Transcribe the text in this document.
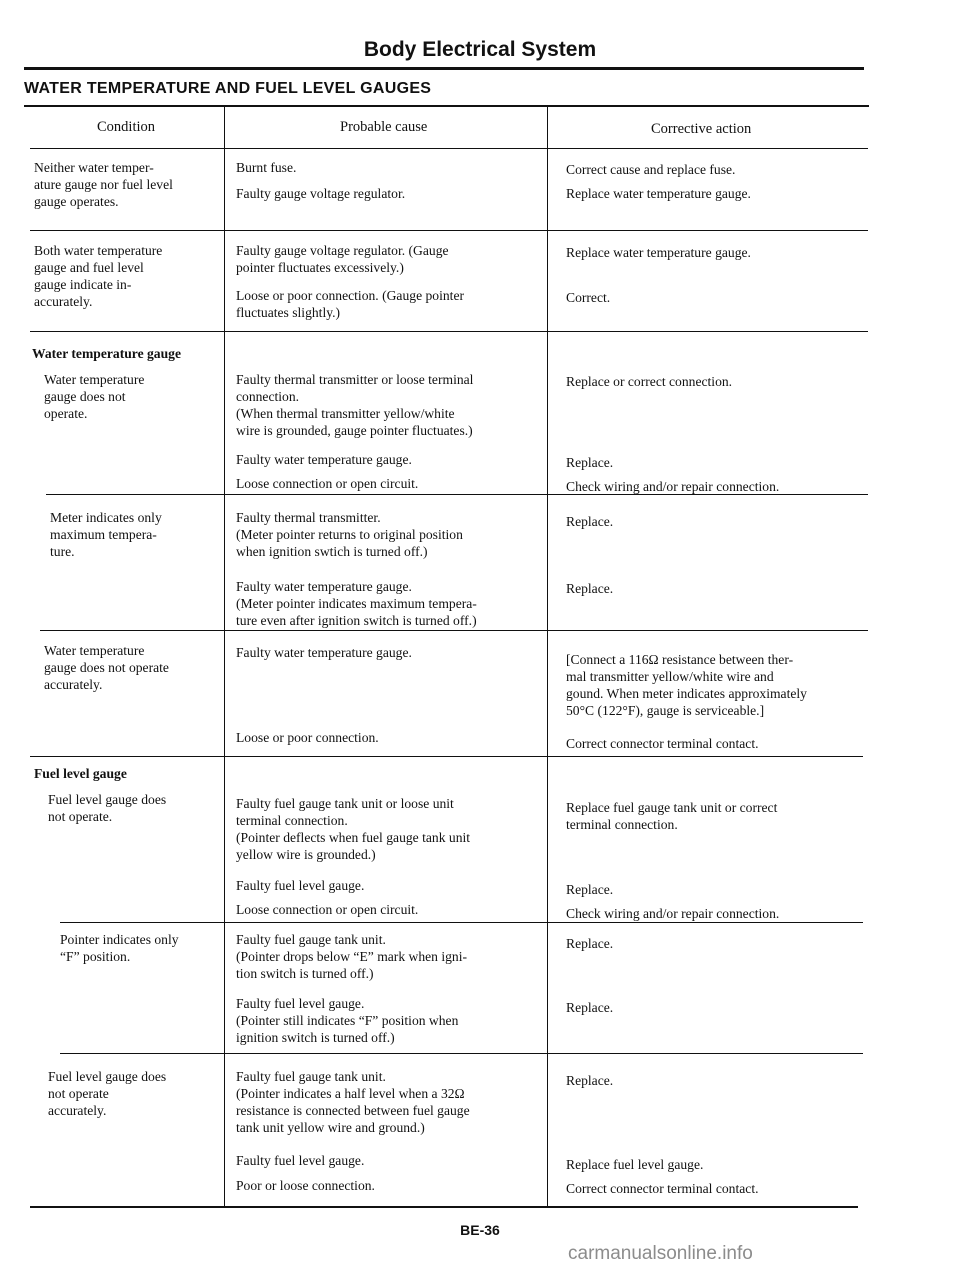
Body Electrical System
WATER TEMPERATURE AND FUEL LEVEL GAUGES
Condition	Probable cause	Corrective action

Neither water temper-
ature gauge nor fuel level
gauge operates.

Burnt fuse.

Faulty gauge voltage regulator.

Correct cause and replace fuse.

Replace water temperature gauge.

Both water temperature
gauge and fuel level
gauge indicate in-
accurately.

Faulty gauge voltage regulator. (Gauge
pointer fluctuates excessively.)

Loose or poor connection. (Gauge pointer
fluctuates slightly.)

Replace water temperature gauge.

Correct.

Water temperature gauge

Water temperature
gauge does not
operate.

Faulty thermal transmitter or loose terminal
connection.
(When thermal transmitter yellow/white
wire is grounded, gauge pointer fluctuates.)

Faulty water temperature gauge.

Loose connection or open circuit.

Replace or correct connection.

Replace.

Check wiring and/or repair connection.

Meter indicates only
maximum tempera-
ture.

Faulty thermal transmitter.
(Meter pointer returns to original position
when ignition swtich is turned off.)

Faulty water temperature gauge.
(Meter pointer indicates maximum tempera-
ture even after ignition switch is turned off.)

Replace.

Replace.

Water temperature
gauge does not operate
accurately.

Faulty water temperature gauge.

Loose or poor connection.

[Connect a 116Ω resistance between ther-
mal transmitter yellow/white wire and
gound. When meter indicates approximately
50°C (122°F), gauge is serviceable.]

Correct connector terminal contact.

Fuel level gauge

Fuel level gauge does
not operate.

Faulty fuel gauge tank unit or loose unit
terminal connection.
(Pointer deflects when fuel gauge tank unit
yellow wire is grounded.)

Faulty fuel level gauge.

Loose connection or open circuit.

Replace fuel gauge tank unit or correct
terminal connection.

Replace.

Check wiring and/or repair connection.

Pointer indicates only
“F” position.

Faulty fuel gauge tank unit.
(Pointer drops below “E” mark when igni-
tion switch is turned off.)

Faulty fuel level gauge.
(Pointer still indicates “F” position when
ignition switch is turned off.)

Replace.

Replace.

Fuel level gauge does
not operate
accurately.

Faulty fuel gauge tank unit.
(Pointer indicates a half level when a 32Ω
resistance is connected between fuel gauge
tank unit yellow wire and ground.)

Faulty fuel level gauge.

Poor or loose connection.

Replace.

Replace fuel level gauge.

Correct connector terminal contact.

BE-36
carmanualsonline.info
